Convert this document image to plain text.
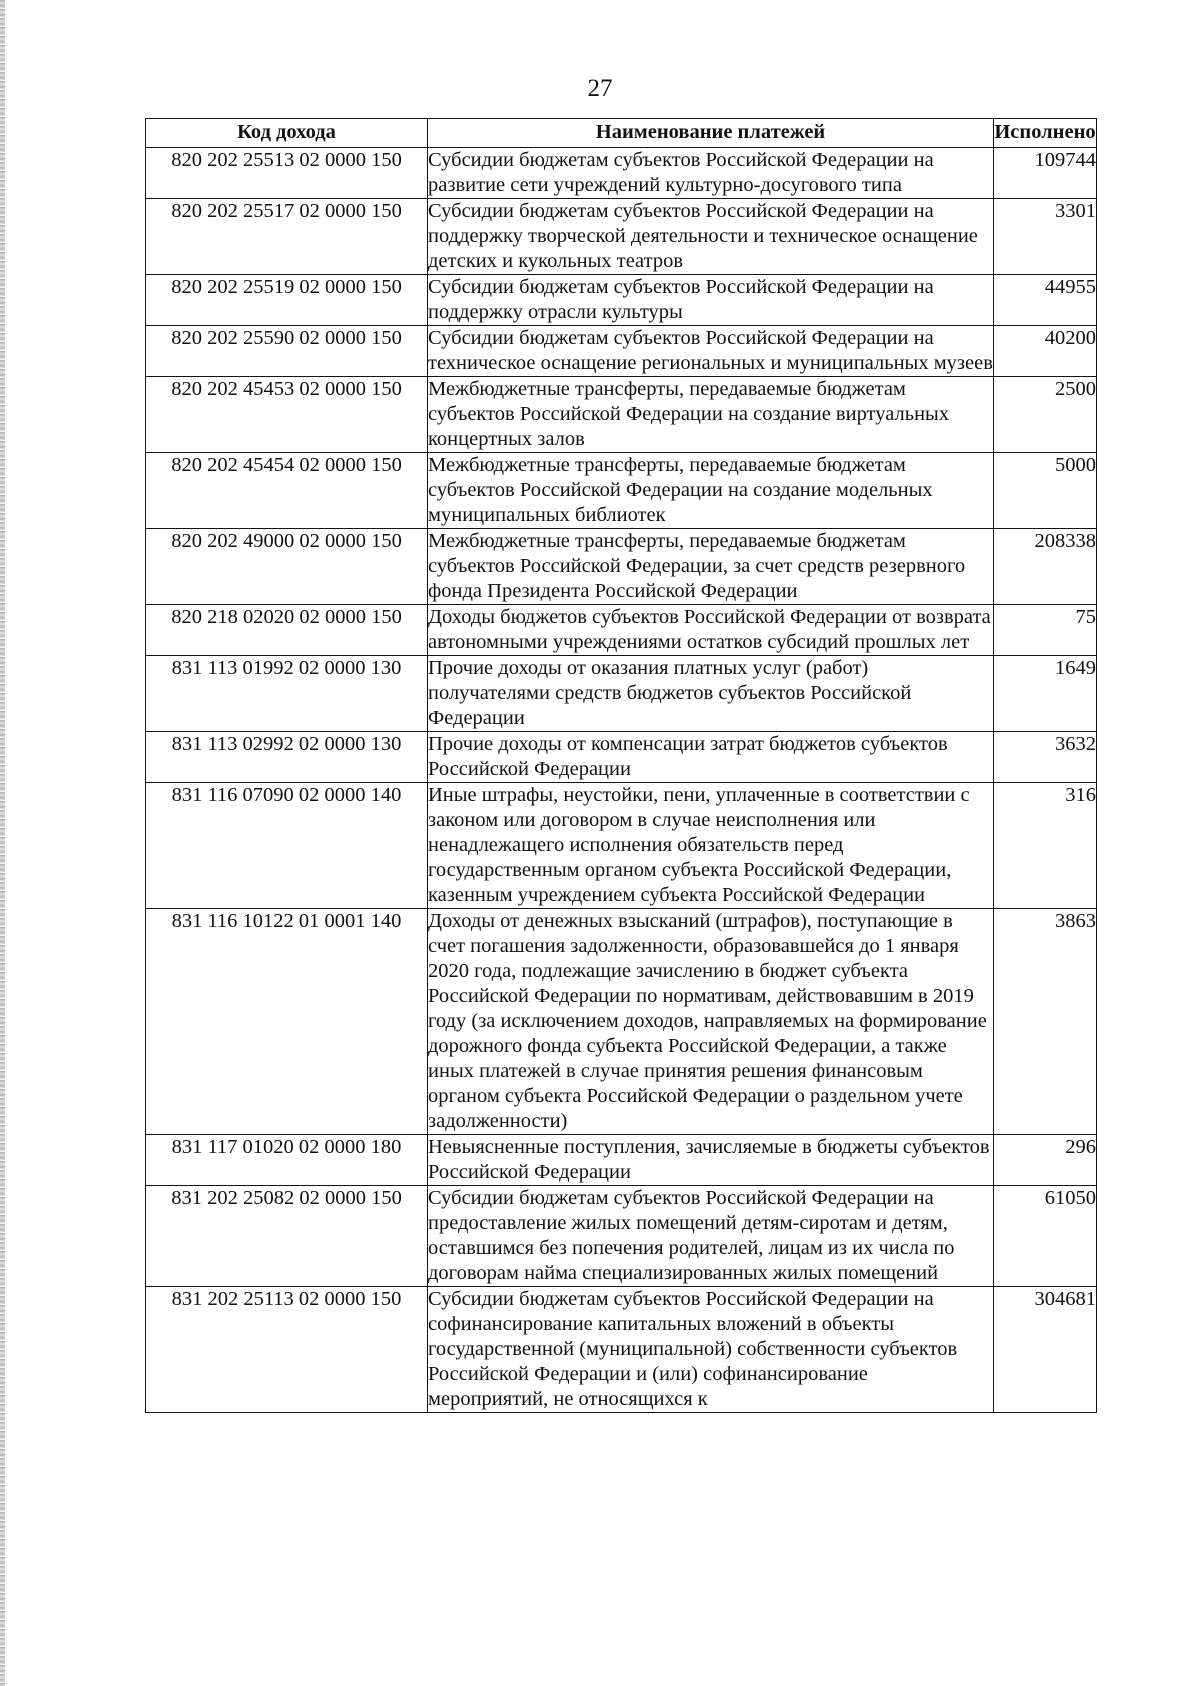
27
Код дохода	Наименование платежей	Исполнено
820 202 25513 02 0000 150	Субсидии бюджетам субъектов Российской Федерации на развитие сети учреждений культурно-досугового типа	109744
820 202 25517 02 0000 150	Субсидии бюджетам субъектов Российской Федерации на поддержку творческой деятельности и техническое оснащение детских и кукольных театров	3301
820 202 25519 02 0000 150	Субсидии бюджетам субъектов Российской Федерации на поддержку отрасли культуры	44955
820 202 25590 02 0000 150	Субсидии бюджетам субъектов Российской Федерации на техническое оснащение региональных и муниципальных музеев	40200
820 202 45453 02 0000 150	Межбюджетные трансферты, передаваемые бюджетам субъектов Российской Федерации на создание виртуальных концертных залов	2500
820 202 45454 02 0000 150	Межбюджетные трансферты, передаваемые бюджетам субъектов Российской Федерации на создание модельных муниципальных библиотек	5000
820 202 49000 02 0000 150	Межбюджетные трансферты, передаваемые бюджетам субъектов Российской Федерации, за счет средств резервного фонда Президента Российской Федерации	208338
820 218 02020 02 0000 150	Доходы бюджетов субъектов Российской Федерации от возврата автономными учреждениями остатков субсидий прошлых лет	75
831 113 01992 02 0000 130	Прочие доходы от оказания платных услуг (работ) получателями средств бюджетов субъектов Российской Федерации	1649
831 113 02992 02 0000 130	Прочие доходы от компенсации затрат бюджетов субъектов Российской Федерации	3632
831 116 07090 02 0000 140	Иные штрафы, неустойки, пени, уплаченные в соответствии с законом или договором в случае неисполнения или ненадлежащего исполнения обязательств перед государственным органом субъекта Российской Федерации, казенным учреждением субъекта Российской Федерации	316
831 116 10122 01 0001 140	Доходы от денежных взысканий (штрафов), поступающие в счет погашения задолженности, образовавшейся до 1 января 2020 года, подлежащие зачислению в бюджет субъекта Российской Федерации по нормативам, действовавшим в 2019 году (за исключением доходов, направляемых на формирование дорожного фонда субъекта Российской Федерации, а также иных платежей в случае принятия решения финансовым органом субъекта Российской Федерации о раздельном учете задолженности)	3863
831 117 01020 02 0000 180	Невыясненные поступления, зачисляемые в бюджеты субъектов Российской Федерации	296
831 202 25082 02 0000 150	Субсидии бюджетам субъектов Российской Федерации на предоставление жилых помещений детям-сиротам и детям, оставшимся без попечения родителей, лицам из их числа по договорам найма специализированных жилых помещений	61050
831 202 25113 02 0000 150	Субсидии бюджетам субъектов Российской Федерации на софинансирование капитальных вложений в объекты государственной (муниципальной) собственности субъектов Российской Федерации и (или) софинансирование мероприятий, не относящихся к	304681
